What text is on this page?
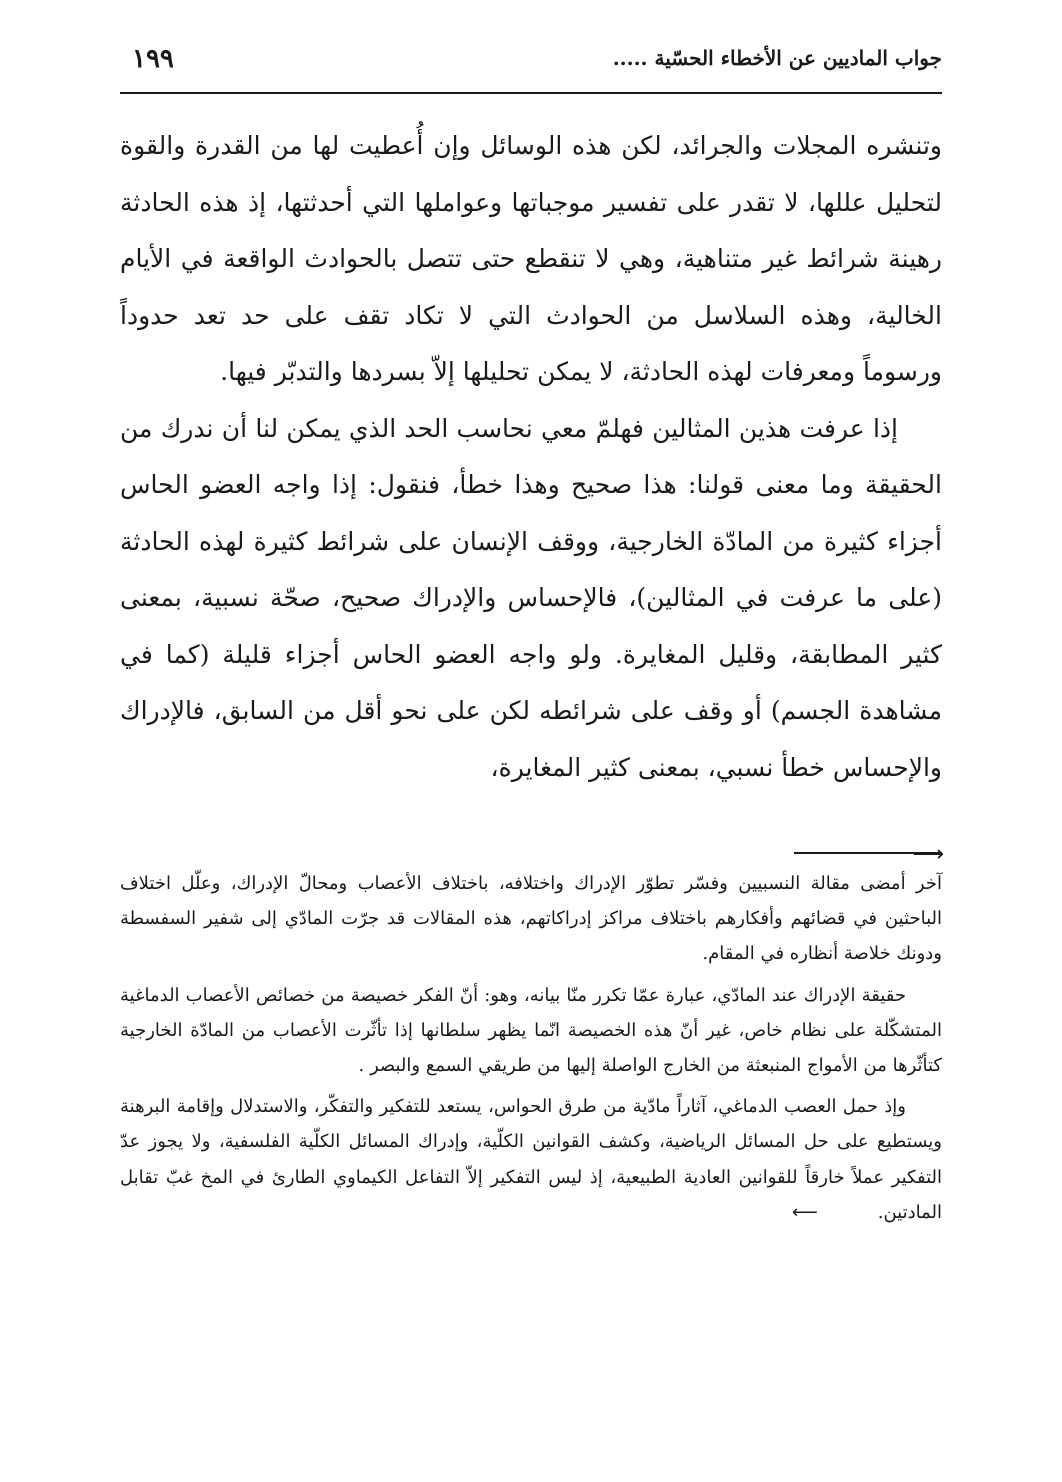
جواب الماديين عن الأخطاء الحسّية .....
١٩٩

وتنشره المجلات والجرائد، لكن هذه الوسائل وإن أُعطيت لها من القدرة والقوة لتحليل عللها، لا تقدر على تفسير موجباتها وعواملها التي أحدثتها، إذ هذه الحادثة رهينة شرائط غير متناهية، وهي لا تنقطع حتى تتصل بالحوادث الواقعة في الأيام الخالية، وهذه السلاسل من الحوادث التي لا تكاد تقف على حد تعد حدوداً ورسوماً ومعرفات لهذه الحادثة، لا يمكن تحليلها إلاّ بسردها والتدبّر فيها.

إذا عرفت هذين المثالين فهلمّ معي نحاسب الحد الذي يمكن لنا أن ندرك من الحقيقة وما معنى قولنا: هذا صحيح وهذا خطأ، فنقول: إذا واجه العضو الحاس أجزاء كثيرة من المادّة الخارجية، ووقف الإنسان على شرائط كثيرة لهذه الحادثة (على ما عرفت في المثالين)، فالإحساس والإدراك صحيح، صحّة نسبية، بمعنى كثير المطابقة، وقليل المغايرة. ولو واجه العضو الحاس أجزاء قليلة (كما في مشاهدة الجسم) أو وقف على شرائطه لكن على نحو أقل من السابق، فالإدراك والإحساس خطأ نسبي، بمعنى كثير المغايرة،

⟶

آخر أمضى مقالة النسبيين وفسّر تطوّر الإدراك واختلافه، باختلاف الأعصاب ومحالّ الإدراك، وعلّل اختلاف الباحثين في قضائهم وأفكارهم باختلاف مراكز إدراكاتهم، هذه المقالات قد جرّت المادّي إلى شفير السفسطة ودونك خلاصة أنظاره في المقام.

حقيقة الإدراك عند المادّي، عبارة عمّا تكرر منّا بيانه، وهو: أنّ الفكر خصيصة من خصائص الأعصاب الدماغية المتشكّلة على نظام خاص، غير أنّ هذه الخصيصة انّما يظهر سلطانها إذا تأثّرت الأعصاب من المادّة الخارجية كتأثّرها من الأمواج المنبعثة من الخارج الواصلة إليها من طريقي السمع والبصر .

وإذ حمل العصب الدماغي، آثاراً مادّية من طرق الحواس، يستعد للتفكير والتفكّر، والاستدلال وإقامة البرهنة ويستطيع على حل المسائل الرياضية، وكشف القوانين الكلّية، وإدراك المسائل الكلّية الفلسفية، ولا يجوز عدّ التفكير عملاً خارقاً للقوانين العادية الطبيعية، إذ ليس التفكير إلاّ التفاعل الكيماوي الطارئ في المخ غبّ تقابل المادتين.⟵
